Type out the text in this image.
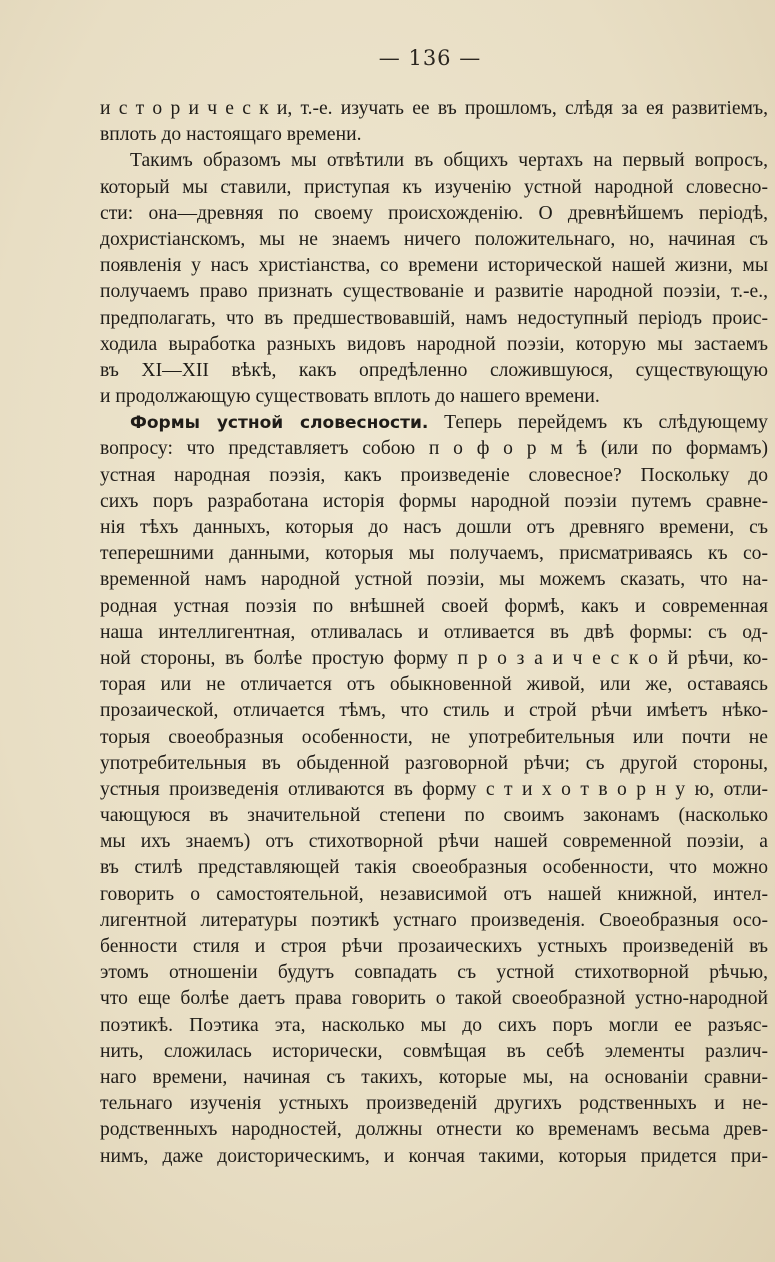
— 136 —
и с т о р и ч е с к и, т.-е. изучать ее въ прошломъ, слѣдя за ея развитіемъ,
вплоть до настоящаго времени.
Такимъ образомъ мы отвѣтили въ общихъ чертахъ на первый вопросъ,
который мы ставили, приступая къ изученію устной народной словесно-
сти: она—древняя по своему происхожденію. О древнѣйшемъ періодѣ,
дохристіанскомъ, мы не знаемъ ничего положительнаго, но, начиная съ
появленія у насъ христіанства, со времени исторической нашей жизни, мы
получаемъ право признать существованіе и развитіе народной поэзіи, т.-е.,
предполагать, что въ предшествовавшій, намъ недоступный періодъ проис-
ходила выработка разныхъ видовъ народной поэзіи, которую мы застаемъ
въ XI—XII вѣкѣ, какъ опредѣленно сложившуюся, существующую
и продолжающую существовать вплоть до нашего времени.
Формы устной словесности. Теперь перейдемъ къ слѣдующему
вопросу: что представляетъ собою п о ф о р м ѣ (или по формамъ)
устная народная поэзія, какъ произведеніе словесное? Поскольку до
сихъ поръ разработана исторія формы народной поэзіи путемъ сравне-
нія тѣхъ данныхъ, которыя до насъ дошли отъ древняго времени, съ
теперешними данными, которыя мы получаемъ, присматриваясь къ со-
временной намъ народной устной поэзіи, мы можемъ сказать, что на-
родная устная поэзія по внѣшней своей формѣ, какъ и современная
наша интеллигентная, отливалась и отливается въ двѣ формы: съ од-
ной стороны, въ болѣе простую форму п р о з а и ч е с к о й рѣчи, ко-
торая или не отличается отъ обыкновенной живой, или же, оставаясь
прозаической, отличается тѣмъ, что стиль и строй рѣчи имѣетъ нѣко-
торыя своеобразныя особенности, не употребительныя или почти не
употребительныя въ обыденной разговорной рѣчи; съ другой стороны,
устныя произведенія отливаются въ форму с т и х о т в о р н у ю, отли-
чающуюся въ значительной степени по своимъ законамъ (насколько
мы ихъ знаемъ) отъ стихотворной рѣчи нашей современной поэзіи, а
въ стилѣ представляющей такія своеобразныя особенности, что можно
говорить о самостоятельной, независимой отъ нашей книжной, интел-
лигентной литературы поэтикѣ устнаго произведенія. Своеобразныя осо-
бенности стиля и строя рѣчи прозаическихъ устныхъ произведеній въ
этомъ отношеніи будутъ совпадать съ устной стихотворной рѣчью,
что еще болѣе даетъ права говорить о такой своеобразной устно-народной
поэтикѣ. Поэтика эта, насколько мы до сихъ поръ могли ее разъяс-
нить, сложилась исторически, совмѣщая въ себѣ элементы различ-
наго времени, начиная съ такихъ, которые мы, на основаніи сравни-
тельнаго изученія устныхъ произведеній другихъ родственныхъ и не-
родственныхъ народностей, должны отнести ко временамъ весьма древ-
нимъ, даже доисторическимъ, и кончая такими, которыя придется при-
